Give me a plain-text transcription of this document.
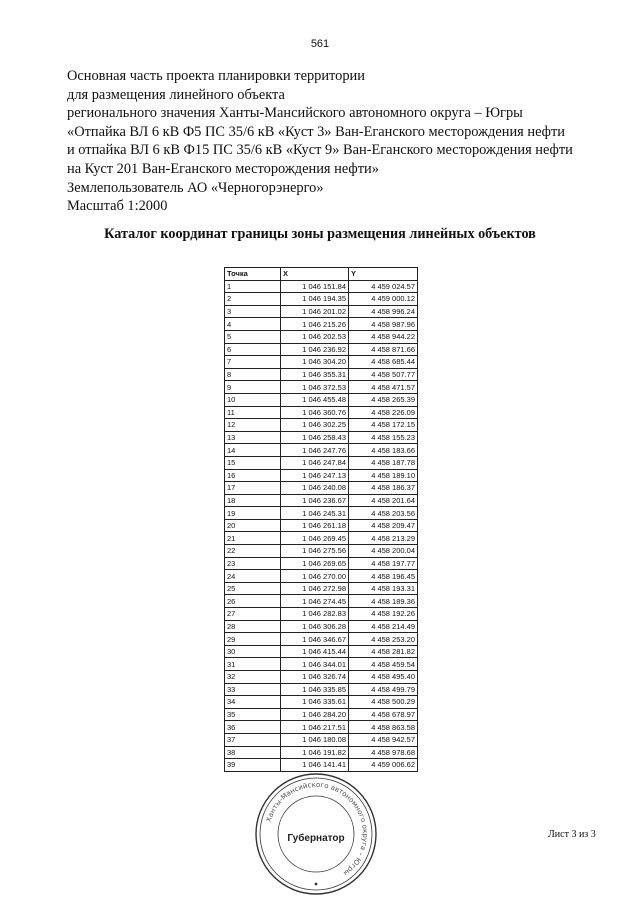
561
Основная часть проекта планировки территории
для размещения линейного объекта
регионального значения Ханты-Мансийского автономного округа – Югры
«Отпайка ВЛ 6 кВ Ф5 ПС 35/6 кВ «Куст 3» Ван-Еганского месторождения нефти
и отпайка ВЛ 6 кВ Ф15 ПС 35/6 кВ «Куст 9» Ван-Еганского месторождения нефти
на Куст 201 Ван-Еганского месторождения нефти»
Землепользователь АО «Черногорэнерго»
Масштаб 1:2000
Каталог координат границы зоны размещения линейных объектов
Точка	X	Y
1	1 046 151.84	4 459 024.57
2	1 046 194.35	4 459 000.12
3	1 046 201.02	4 458 996.24
4	1 046 215.26	4 458 987.96
5	1 046 202.53	4 458 944.22
6	1 046 236.92	4 458 871.66
7	1 046 304.20	4 458 685.44
8	1 046 355.31	4 458 507.77
9	1 046 372.53	4 458 471.57
10	1 046 455.48	4 458 265.39
11	1 046 360.76	4 458 226.09
12	1 046 302.25	4 458 172.15
13	1 046 258.43	4 458 155.23
14	1 046 247.76	4 458 183.66
15	1 046 247.84	4 458 187.78
16	1 046 247.13	4 458 189.10
17	1 046 240.08	4 458 186.37
18	1 046 236.67	4 458 201.64
19	1 046 245.31	4 458 203.56
20	1 046 261.18	4 458 209.47
21	1 046 269.45	4 458 213.29
22	1 046 275.56	4 458 200.04
23	1 046 269.65	4 458 197.77
24	1 046 270.00	4 458 196.45
25	1 046 272.98	4 458 193.31
26	1 046 274.45	4 458 189.36
27	1 046 282.83	4 458 192.26
28	1 046 306.28	4 458 214.49
29	1 046 346.67	4 458 253.20
30	1 046 415.44	4 458 281.82
31	1 046 344.01	4 458 459.54
32	1 046 326.74	4 458 495.40
33	1 046 335.85	4 458 499.79
34	1 046 335.61	4 458 500.29
35	1 046 284.20	4 458 678.97
36	1 046 217.51	4 458 863.58
37	1 046 180.08	4 458 942.57
38	1 046 191.82	4 458 978.68
39	1 046 141.41	4 459 006.62
Ханты-Мансийского автономного округа – Югры
Губернатор	Лист 3 из 3
